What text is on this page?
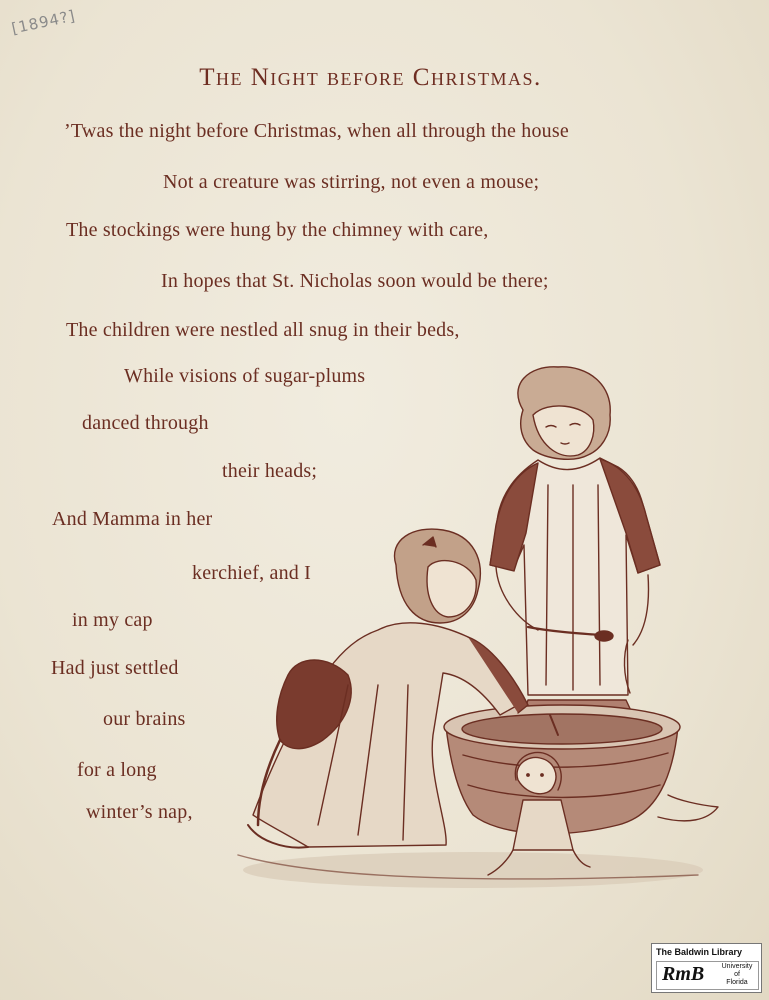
[1894?]
The Night before Christmas.
’Twas the night before Christmas, when all through the house
Not a creature was stirring, not even a mouse;
The stockings were hung by the chimney with care,
In hopes that St. Nicholas soon would be there;
The children were nestled all snug in their beds,
While visions of sugar-plums
danced through
their heads;
And Mamma in her
kerchief, and I
in my cap
Had just settled
our brains
for a long
winter’s nap,
The Baldwin Library
RmB	University
of
Florida
